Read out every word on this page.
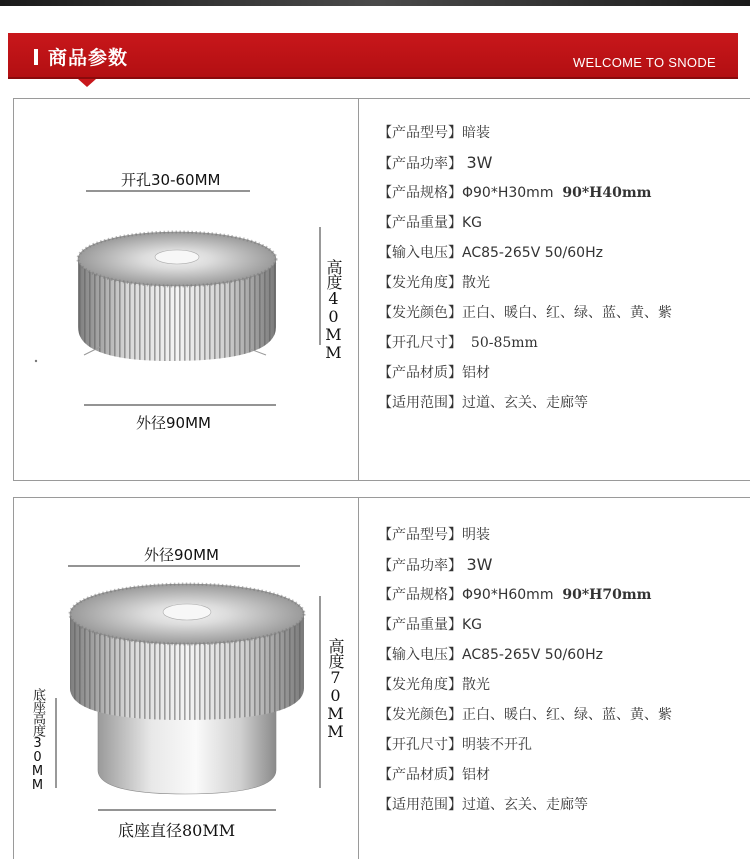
商品参数	WELCOME TO SNODE
开孔30-60MM
高度40MM
外径90MM
【产品型号】暗装
【产品功率】 3W
【产品规格】Φ90*H30mm 90*H40mm
【产品重量】KG
【输入电压】AC85-265V 50/60Hz
【发光角度】散光
【发光颜色】正白、暖白、红、绿、蓝、黄、紫
【开孔尺寸】 50-85mm
【产品材质】铝材
【适用范围】过道、玄关、走廊等
外径90MM
高度70MM
底座高度30MM
底座直径80MM
【产品型号】明装
【产品功率】 3W
【产品规格】Φ90*H60mm 90*H70mm
【产品重量】KG
【输入电压】AC85-265V 50/60Hz
【发光角度】散光
【发光颜色】正白、暖白、红、绿、蓝、黄、紫
【开孔尺寸】明装不开孔
【产品材质】铝材
【适用范围】过道、玄关、走廊等
